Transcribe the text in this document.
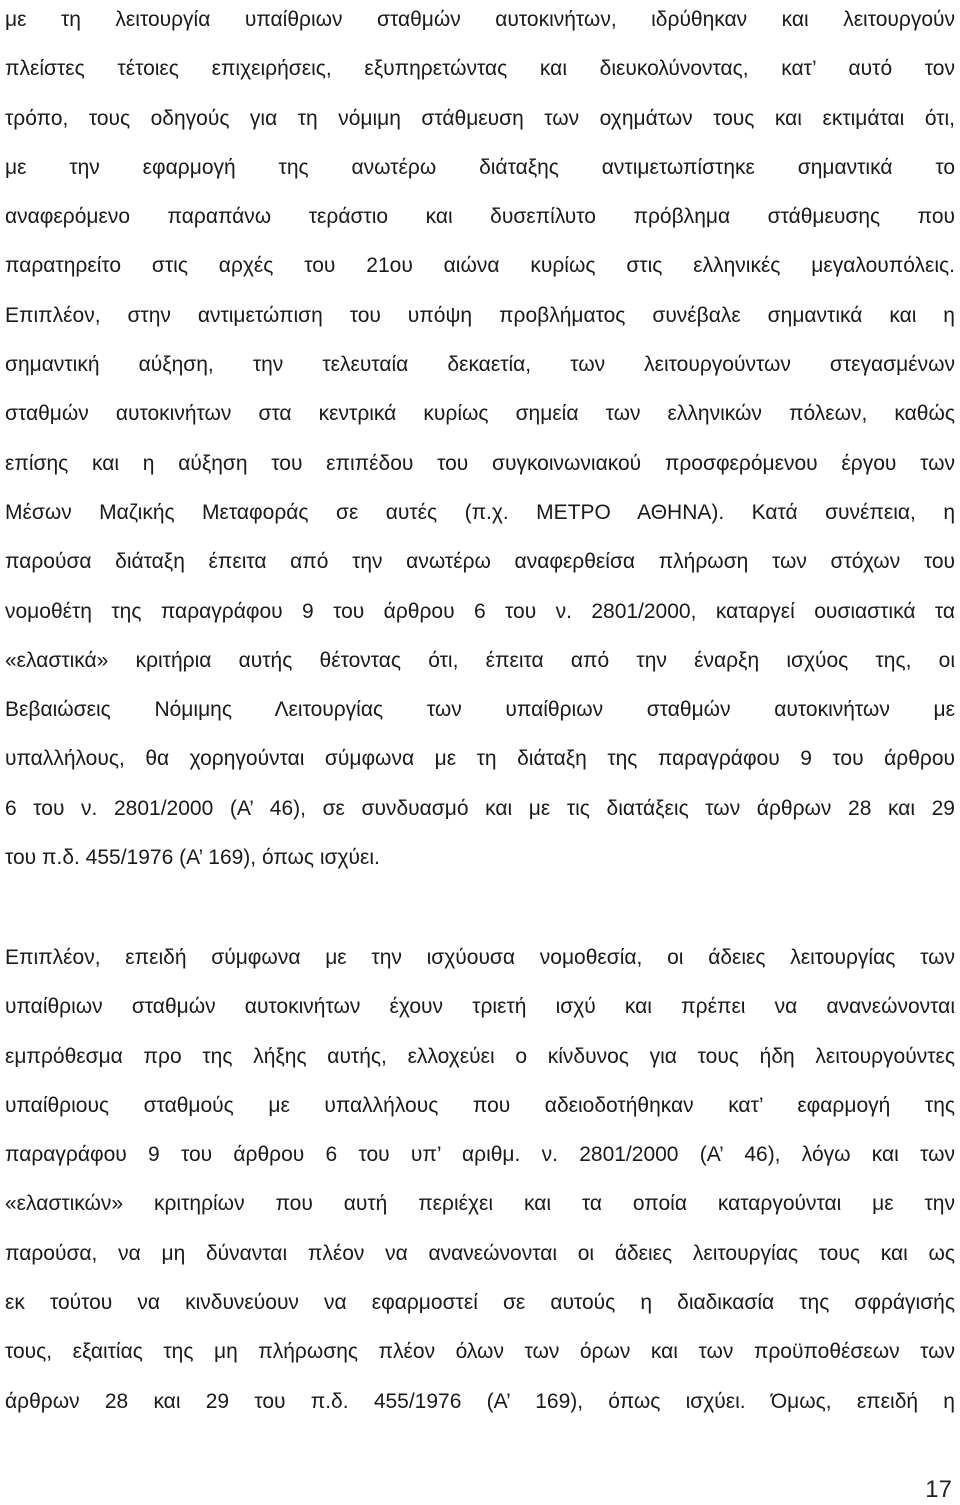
με τη λειτουργία υπαίθριων σταθμών αυτοκινήτων, ιδρύθηκαν και λειτουργούν
πλείστες τέτοιες επιχειρήσεις, εξυπηρετώντας και διευκολύνοντας, κατ’ αυτό τον
τρόπο, τους οδηγούς για τη νόμιμη στάθμευση των οχημάτων τους και εκτιμάται ότι,
με την εφαρμογή της ανωτέρω διάταξης αντιμετωπίστηκε σημαντικά το
αναφερόμενο παραπάνω τεράστιο και δυσεπίλυτο πρόβλημα στάθμευσης που
παρατηρείτο στις αρχές του 21ου αιώνα κυρίως στις ελληνικές μεγαλουπόλεις.
Επιπλέον, στην αντιμετώπιση του υπόψη προβλήματος συνέβαλε σημαντικά και η
σημαντική αύξηση, την τελευταία δεκαετία, των λειτουργούντων στεγασμένων
σταθμών αυτοκινήτων στα κεντρικά κυρίως σημεία των ελληνικών πόλεων, καθώς
επίσης και η αύξηση του επιπέδου του συγκοινωνιακού προσφερόμενου έργου των
Μέσων Μαζικής Μεταφοράς σε αυτές (π.χ. ΜΕΤΡΟ ΑΘΗΝΑ). Κατά συνέπεια, η
παρούσα διάταξη έπειτα από την ανωτέρω αναφερθείσα πλήρωση των στόχων του
νομοθέτη της παραγράφου 9 του άρθρου 6 του ν. 2801/2000, καταργεί ουσιαστικά τα
«ελαστικά» κριτήρια αυτής θέτοντας ότι, έπειτα από την έναρξη ισχύος της, οι
Βεβαιώσεις Νόμιμης Λειτουργίας των υπαίθριων σταθμών αυτοκινήτων με
υπαλλήλους, θα χορηγούνται σύμφωνα με τη διάταξη της παραγράφου 9 του άρθρου
6 του ν. 2801/2000 (Α’ 46), σε συνδυασμό και με τις διατάξεις των άρθρων 28 και 29
του π.δ. 455/1976 (Α’ 169), όπως ισχύει.
Επιπλέον, επειδή σύμφωνα με την ισχύουσα νομοθεσία, οι άδειες λειτουργίας των
υπαίθριων σταθμών αυτοκινήτων έχουν τριετή ισχύ και πρέπει να ανανεώνονται
εμπρόθεσμα προ της λήξης αυτής, ελλοχεύει ο κίνδυνος για τους ήδη λειτουργούντες
υπαίθριους σταθμούς με υπαλλήλους που αδειοδοτήθηκαν κατ’ εφαρμογή της
παραγράφου 9 του άρθρου 6 του υπ’ αριθμ. ν. 2801/2000 (Α’ 46), λόγω και των
«ελαστικών» κριτηρίων που αυτή περιέχει και τα οποία καταργούνται με την
παρούσα, να μη δύνανται πλέον να ανανεώνονται οι άδειες λειτουργίας τους και ως
εκ τούτου να κινδυνεύουν να εφαρμοστεί σε αυτούς η διαδικασία της σφράγισής
τους, εξαιτίας της μη πλήρωσης πλέον όλων των όρων και των προϋποθέσεων των
άρθρων 28 και 29 του π.δ. 455/1976 (Α’ 169), όπως ισχύει. Όμως, επειδή η
17
